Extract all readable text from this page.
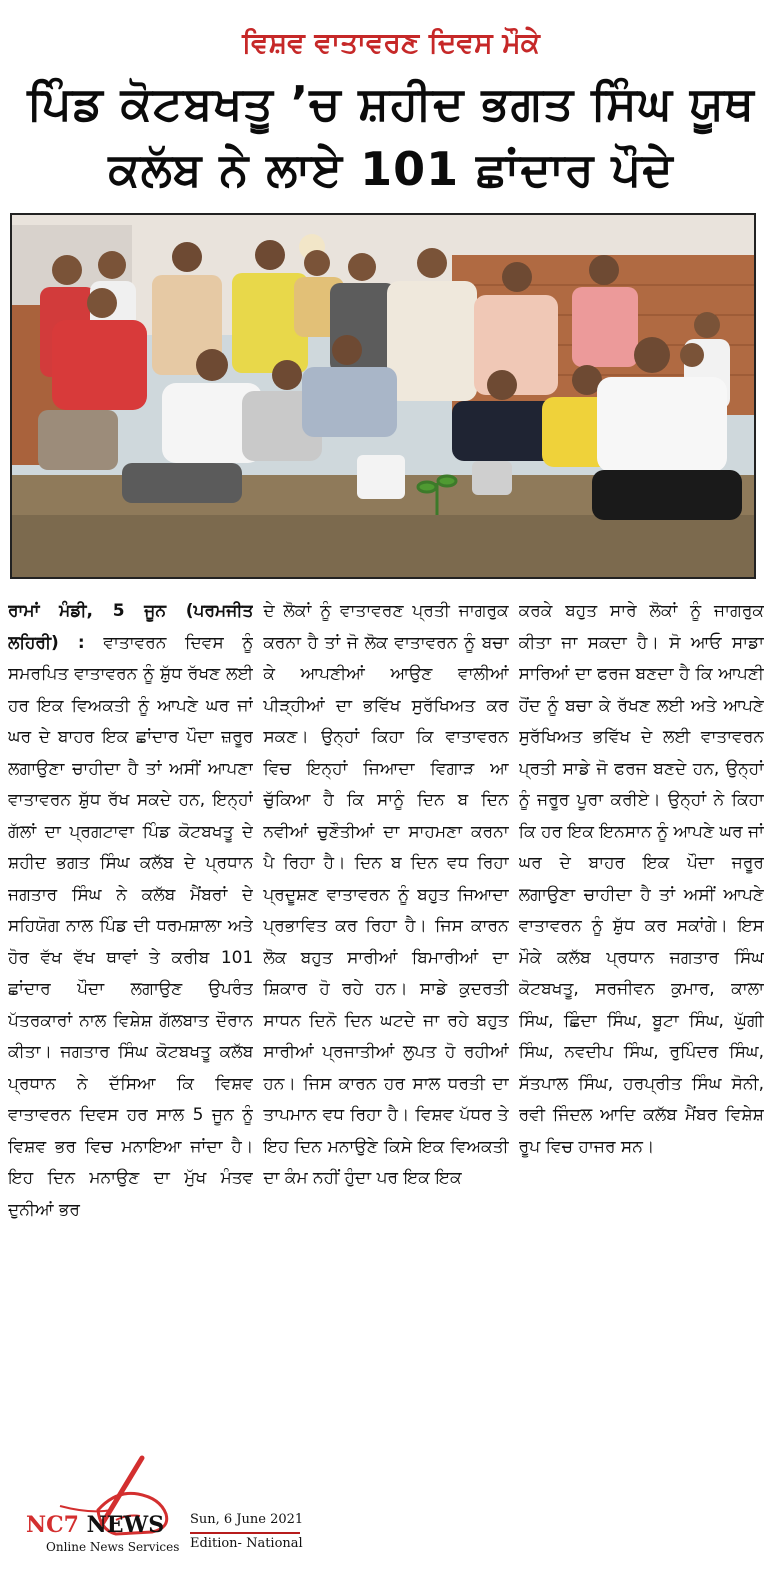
ਵਿਸ਼ਵ ਵਾਤਾਵਰਣ ਦਿਵਸ ਮੌਕੇ
ਪਿੰਡ ਕੋਟਬਖਤੂ ’ਚ ਸ਼ਹੀਦ ਭਗਤ ਸਿੰਘ ਯੂਥ
ਕਲੱਬ ਨੇ ਲਾਏ 101 ਛਾਂਦਾਰ ਪੌਦੇ
ਰਾਮਾਂ ਮੰਡੀ, 5 ਜੂਨ (ਪਰਮਜੀਤ ਲਹਿਰੀ) : ਵਾਤਾਵਰਨ ਦਿਵਸ ਨੂੰ ਸਮਰਪਿਤ ਵਾਤਾਵਰਨ ਨੂੰ ਸ਼ੁੱਧ ਰੱਖਣ ਲਈ ਹਰ ਇਕ ਵਿਅਕਤੀ ਨੂੰ ਆਪਣੇ ਘਰ ਜਾਂ ਘਰ ਦੇ ਬਾਹਰ ਇਕ ਛਾਂਦਾਰ ਪੌਦਾ ਜ਼ਰੂਰ ਲਗਾਉਣਾ ਚਾਹੀਦਾ ਹੈ ਤਾਂ ਅਸੀਂ ਆਪਣਾ ਵਾਤਾਵਰਨ ਸ਼ੁੱਧ ਰੱਖ ਸਕਦੇ ਹਨ, ਇਨ੍ਹਾਂ ਗੱਲਾਂ ਦਾ ਪ੍ਰਗਟਾਵਾ ਪਿੰਡ ਕੋਟਬਖਤੂ ਦੇ ਸ਼ਹੀਦ ਭਗਤ ਸਿੰਘ ਕਲੱਬ ਦੇ ਪ੍ਰਧਾਨ ਜਗਤਾਰ ਸਿੰਘ ਨੇ ਕਲੱਬ ਮੈਂਬਰਾਂ ਦੇ ਸਹਿਯੋਗ ਨਾਲ ਪਿੰਡ ਦੀ ਧਰਮਸ਼ਾਲਾ ਅਤੇ ਹੋਰ ਵੱਖ ਵੱਖ ਥਾਵਾਂ ਤੇ ਕਰੀਬ 101 ਛਾਂਦਾਰ ਪੌਦਾ ਲਗਾਉਣ ਉਪਰੰਤ ਪੱਤਰਕਾਰਾਂ ਨਾਲ ਵਿਸ਼ੇਸ਼ ਗੱਲਬਾਤ ਦੌਰਾਨ ਕੀਤਾ। ਜਗਤਾਰ ਸਿੰਘ ਕੋਟਬਖਤੂ ਕਲੱਬ ਪ੍ਰਧਾਨ ਨੇ ਦੱਸਿਆ ਕਿ ਵਿਸ਼ਵ ਵਾਤਾਵਰਨ ਦਿਵਸ ਹਰ ਸਾਲ 5 ਜੂਨ ਨੂੰ ਵਿਸ਼ਵ ਭਰ ਵਿਚ ਮਨਾਇਆ ਜਾਂਦਾ ਹੈ। ਇਹ ਦਿਨ ਮਨਾਉਣ ਦਾ ਮੁੱਖ ਮੰਤਵ ਦੁਨੀਆਂ ਭਰ
ਦੇ ਲੋਕਾਂ ਨੂੰ ਵਾਤਾਵਰਣ ਪ੍ਰਤੀ ਜਾਗਰੁਕ ਕਰਨਾ ਹੈ ਤਾਂ ਜੋ ਲੋਕ ਵਾਤਾਵਰਨ ਨੂੰ ਬਚਾ ਕੇ ਆਪਣੀਆਂ ਆਉਣ ਵਾਲੀਆਂ ਪੀੜ੍ਹੀਆਂ ਦਾ ਭਵਿੱਖ ਸੁਰੱਖਿਅਤ ਕਰ ਸਕਣ। ਉਨ੍ਹਾਂ ਕਿਹਾ ਕਿ ਵਾਤਾਵਰਨ ਵਿਚ ਇਨ੍ਹਾਂ ਜਿਆਦਾ ਵਿਗਾੜ ਆ ਚੁੱਕਿਆ ਹੈ ਕਿ ਸਾਨੂੰ ਦਿਨ ਬ ਦਿਨ ਨਵੀਆਂ ਚੁਣੌਤੀਆਂ ਦਾ ਸਾਹਮਣਾ ਕਰਨਾ ਪੈ ਰਿਹਾ ਹੈ। ਦਿਨ ਬ ਦਿਨ ਵਧ ਰਿਹਾ ਪ੍ਰਦੂਸ਼ਣ ਵਾਤਾਵਰਨ ਨੂੰ ਬਹੁਤ ਜਿਆਦਾ ਪ੍ਰਭਾਵਿਤ ਕਰ ਰਿਹਾ ਹੈ। ਜਿਸ ਕਾਰਨ ਲੋਕ ਬਹੁਤ ਸਾਰੀਆਂ ਬਿਮਾਰੀਆਂ ਦਾ ਸ਼ਿਕਾਰ ਹੋ ਰਹੇ ਹਨ। ਸਾਡੇ ਕੁਦਰਤੀ ਸਾਧਨ ਦਿਨੋ ਦਿਨ ਘਟਦੇ ਜਾ ਰਹੇ ਬਹੁਤ ਸਾਰੀਆਂ ਪ੍ਰਜਾਤੀਆਂ ਲੁਪਤ ਹੋ ਰਹੀਆਂ ਹਨ। ਜਿਸ ਕਾਰਨ ਹਰ ਸਾਲ ਧਰਤੀ ਦਾ ਤਾਪਮਾਨ ਵਧ ਰਿਹਾ ਹੈ। ਵਿਸ਼ਵ ਪੱਧਰ ਤੇ ਇਹ ਦਿਨ ਮਨਾਉਣੇ ਕਿਸੇ ਇਕ ਵਿਅਕਤੀ ਦਾ ਕੰਮ ਨਹੀਂ ਹੁੰਦਾ ਪਰ ਇਕ ਇਕ
ਕਰਕੇ ਬਹੁਤ ਸਾਰੇ ਲੋਕਾਂ ਨੂੰ ਜਾਗਰੁਕ ਕੀਤਾ ਜਾ ਸਕਦਾ ਹੈ। ਸੋ ਆਓ ਸਾਡਾ ਸਾਰਿਆਂ ਦਾ ਫਰਜ ਬਣਦਾ ਹੈ ਕਿ ਆਪਣੀ ਹੋਂਦ ਨੂੰ ਬਚਾ ਕੇ ਰੱਖਣ ਲਈ ਅਤੇ ਆਪਣੇ ਸੁਰੱਖਿਅਤ ਭਵਿੱਖ ਦੇ ਲਈ ਵਾਤਾਵਰਨ ਪ੍ਰਤੀ ਸਾਡੇ ਜੋ ਫਰਜ ਬਣਦੇ ਹਨ, ਉਨ੍ਹਾਂ ਨੂੰ ਜਰੂਰ ਪੂਰਾ ਕਰੀਏ। ਉਨ੍ਹਾਂ ਨੇ ਕਿਹਾ ਕਿ ਹਰ ਇਕ ਇਨਸਾਨ ਨੂੰ ਆਪਣੇ ਘਰ ਜਾਂ ਘਰ ਦੇ ਬਾਹਰ ਇਕ ਪੌਦਾ ਜਰੂਰ ਲਗਾਉਣਾ ਚਾਹੀਦਾ ਹੈ ਤਾਂ ਅਸੀਂ ਆਪਣੇ ਵਾਤਾਵਰਨ ਨੂੰ ਸ਼ੁੱਧ ਕਰ ਸਕਾਂਗੇ। ਇਸ ਮੌਕੇ ਕਲੱਬ ਪ੍ਰਧਾਨ ਜਗਤਾਰ ਸਿੰਘ ਕੋਟਬਖਤੂ, ਸਰਜੀਵਨ ਕੁਮਾਰ, ਕਾਲਾ ਸਿੰਘ, ਛਿੰਦਾ ਸਿੰਘ, ਬੂਟਾ ਸਿੰਘ, ਘੁੱਗੀ ਸਿੰਘ, ਨਵਦੀਪ ਸਿੰਘ, ਰੁਪਿੰਦਰ ਸਿੰਘ, ਸੱਤਪਾਲ ਸਿੰਘ, ਹਰਪ੍ਰੀਤ ਸਿੰਘ ਸੋਨੀ, ਰਵੀ ਜਿੰਦਲ ਆਦਿ ਕਲੱਬ ਮੈਂਬਰ ਵਿਸ਼ੇਸ਼ ਰੂਪ ਵਿਚ ਹਾਜਰ ਸਨ।
NC7 NEWS
Online News Services
Sun, 6 June 2021
Edition- National
